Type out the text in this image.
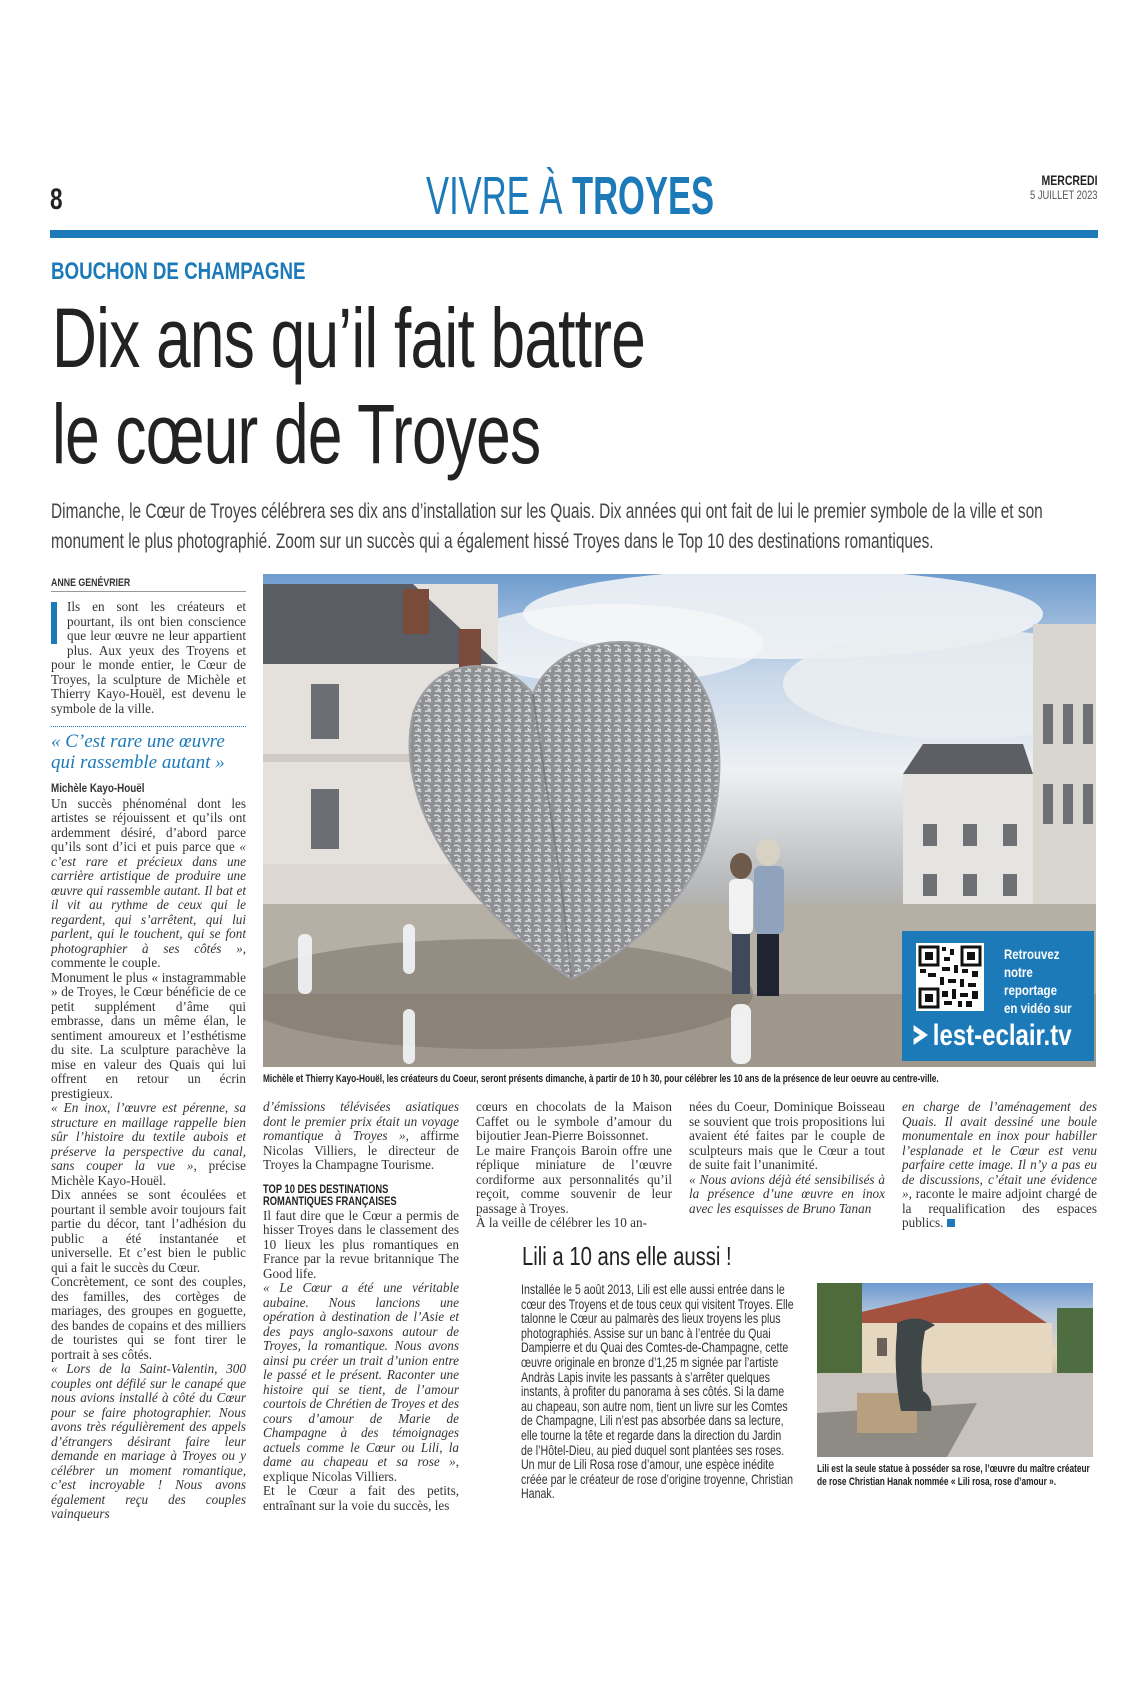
8	VIVRE À TROYES	MERCREDI
5 JUILLET 2023
BOUCHON DE CHAMPAGNE
Dix ans qu’il fait battre
le cœur de Troyes
Dimanche, le Cœur de Troyes célébrera ses dix ans d’installation sur les Quais. Dix années qui ont fait de lui le premier symbole de la ville et son monument le plus photographié. Zoom sur un succès qui a également hissé Troyes dans le Top 10 des destinations romantiques.
ANNE GENÉVRIER

Ils en sont les créateurs et pourtant, ils ont bien conscience que leur œuvre ne leur appartient plus. Aux yeux des Troyens et pour le monde entier, le Cœur de Troyes, la sculpture de Michèle et Thierry Kayo-Houël, est devenu le symbole de la ville.

« C’est rare une œuvre qui rassemble autant »
Michèle Kayo-Houël

Un succès phénoménal dont les artistes se réjouissent et qu’ils ont ardemment désiré, d’abord parce qu’ils sont d’ici et puis parce que « c’est rare et précieux dans une carrière artistique de produire une œuvre qui rassemble autant. Il bat et il vit au rythme de ceux qui le regardent, qui s’arrêtent, qui lui parlent, qui le touchent, qui se font photographier à ses côtés », commente le couple.

Monument le plus « instagrammable » de Troyes, le Cœur bénéficie de ce petit supplément d’âme qui embrasse, dans un même élan, le sentiment amoureux et l’esthétisme du site. La sculpture parachève la mise en valeur des Quais qui lui offrent en retour un écrin prestigieux.

« En inox, l’œuvre est pérenne, sa structure en maillage rappelle bien sûr l’histoire du textile aubois et préserve la perspective du canal, sans couper la vue », précise Michèle Kayo-Houël.

Dix années se sont écoulées et pourtant il semble avoir toujours fait partie du décor, tant l’adhésion du public a été instantanée et universelle. Et c’est bien le public qui a fait le succès du Cœur.

Concrètement, ce sont des couples, des familles, des cortèges de mariages, des groupes en goguette, des bandes de copains et des milliers de touristes qui se font tirer le portrait à ses côtés.

« Lors de la Saint-Valentin, 300 couples ont défilé sur le canapé que nous avions installé à côté du Cœur pour se faire photographier. Nous avons très régulièrement des appels d’étrangers désirant faire leur demande en mariage à Troyes ou y célébrer un moment romantique, c’est incroyable ! Nous avons également reçu des couples vainqueurs

Retrouvez
notre
reportage
en vidéo sur
lest-eclair.tv
Michèle et Thierry Kayo-Houël, les créateurs du Coeur, seront présents dimanche, à partir de 10 h 30, pour célébrer les 10 ans de la présence de leur oeuvre au centre-ville.

d’émissions télévisées asiatiques dont le premier prix était un voyage romantique à Troyes », affirme Nicolas Villiers, le directeur de Troyes la Champagne Tourisme.

TOP 10 DES DESTINATIONS
ROMANTIQUES FRANÇAISES

Il faut dire que le Cœur a permis de hisser Troyes dans le classement des 10 lieux les plus romantiques en France par la revue britannique The Good life.

« Le Cœur a été une véritable aubaine. Nous lancions une opération à destination de l’Asie et des pays anglo-saxons autour de Troyes, la romantique. Nous avons ainsi pu créer un trait d’union entre le passé et le présent. Raconter une histoire qui se tient, de l’amour courtois de Chrétien de Troyes et des cours d’amour de Marie de Champagne à des témoignages actuels comme le Cœur ou Lili, la dame au chapeau et sa rose », explique Nicolas Villiers.

Et le Cœur a fait des petits, entraînant sur la voie du succès, les

cœurs en chocolats de la Maison Caffet ou le symbole d’amour du bijoutier Jean-Pierre Boissonnet.

Le maire François Baroin offre une réplique miniature de l’œuvre cordiforme aux personnalités qu’il reçoit, comme souvenir de leur passage à Troyes.

À la veille de célébrer les 10 an-

nées du Coeur, Dominique Boisseau se souvient que trois propositions lui avaient été faites par le couple de sculpteurs mais que le Cœur a tout de suite fait l’unanimité.

« Nous avions déjà été sensibilisés à la présence d’une œuvre en inox avec les esquisses de Bruno Tanan

en charge de l’aménagement des Quais. Il avait dessiné une boule monumentale en inox pour habiller l’esplanade et le Cœur est venu parfaire cette image. Il n’y a pas eu de discussions, c’était une évidence », raconte le maire adjoint chargé de la requalification des espaces publics.

Lili a 10 ans elle aussi !
Installée le 5 août 2013, Lili est elle aussi entrée dans le cœur des Troyens et de tous ceux qui visitent Troyes. Elle talonne le Cœur au palmarès des lieux troyens les plus photographiés. Assise sur un banc à l’entrée du Quai Dampierre et du Quai des Comtes-de-Champagne, cette œuvre originale en bronze d’1,25 m signée par l’artiste Andràs Lapis invite les passants à s’arrêter quelques instants, à profiter du panorama à ses côtés. Si la dame au chapeau, son autre nom, tient un livre sur les Comtes de Champagne, Lili n’est pas absorbée dans sa lecture, elle tourne la tête et regarde dans la direction du Jardin de l’Hôtel-Dieu, au pied duquel sont plantées ses roses. Un mur de Lili Rosa rose d’amour, une espèce inédite créée par le créateur de rose d’origine troyenne, Christian Hanak.
Lili est la seule statue à posséder sa rose, l’œuvre du maître créateur de rose Christian Hanak nommée « Lili rosa, rose d’amour ».
